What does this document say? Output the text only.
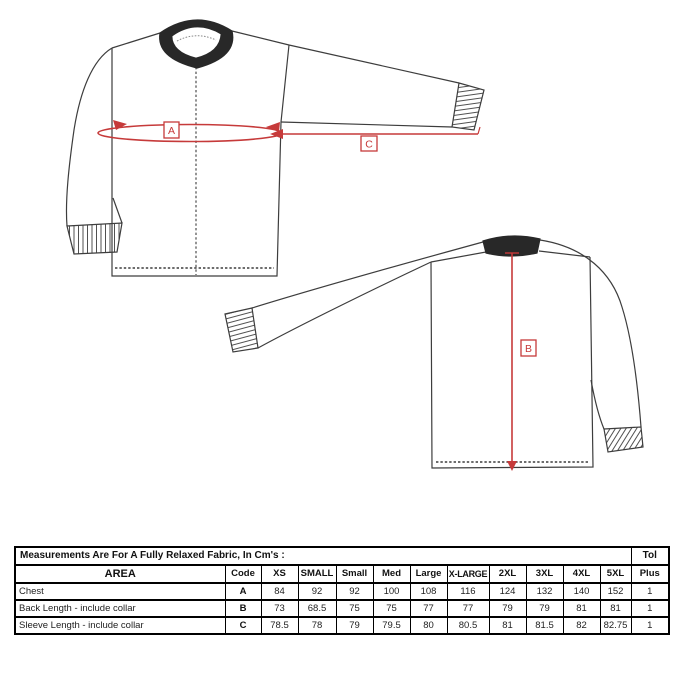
A
C
B
Measurements Are For A Fully Relaxed Fabric, In Cm's :												Tol
AREA	Code	XS	SMALL	Small	Med	Large	X-LARGE	2XL	3XL	4XL	5XL	Plus
Chest	A	84	92	92	100	108	116	124	132	140	152	1
Back Length - include collar	B	73	68.5	75	75	77	77	79	79	81	81	1
Sleeve Length - include collar	C	78.5	78	79	79.5	80	80.5	81	81.5	82	82.75	1
